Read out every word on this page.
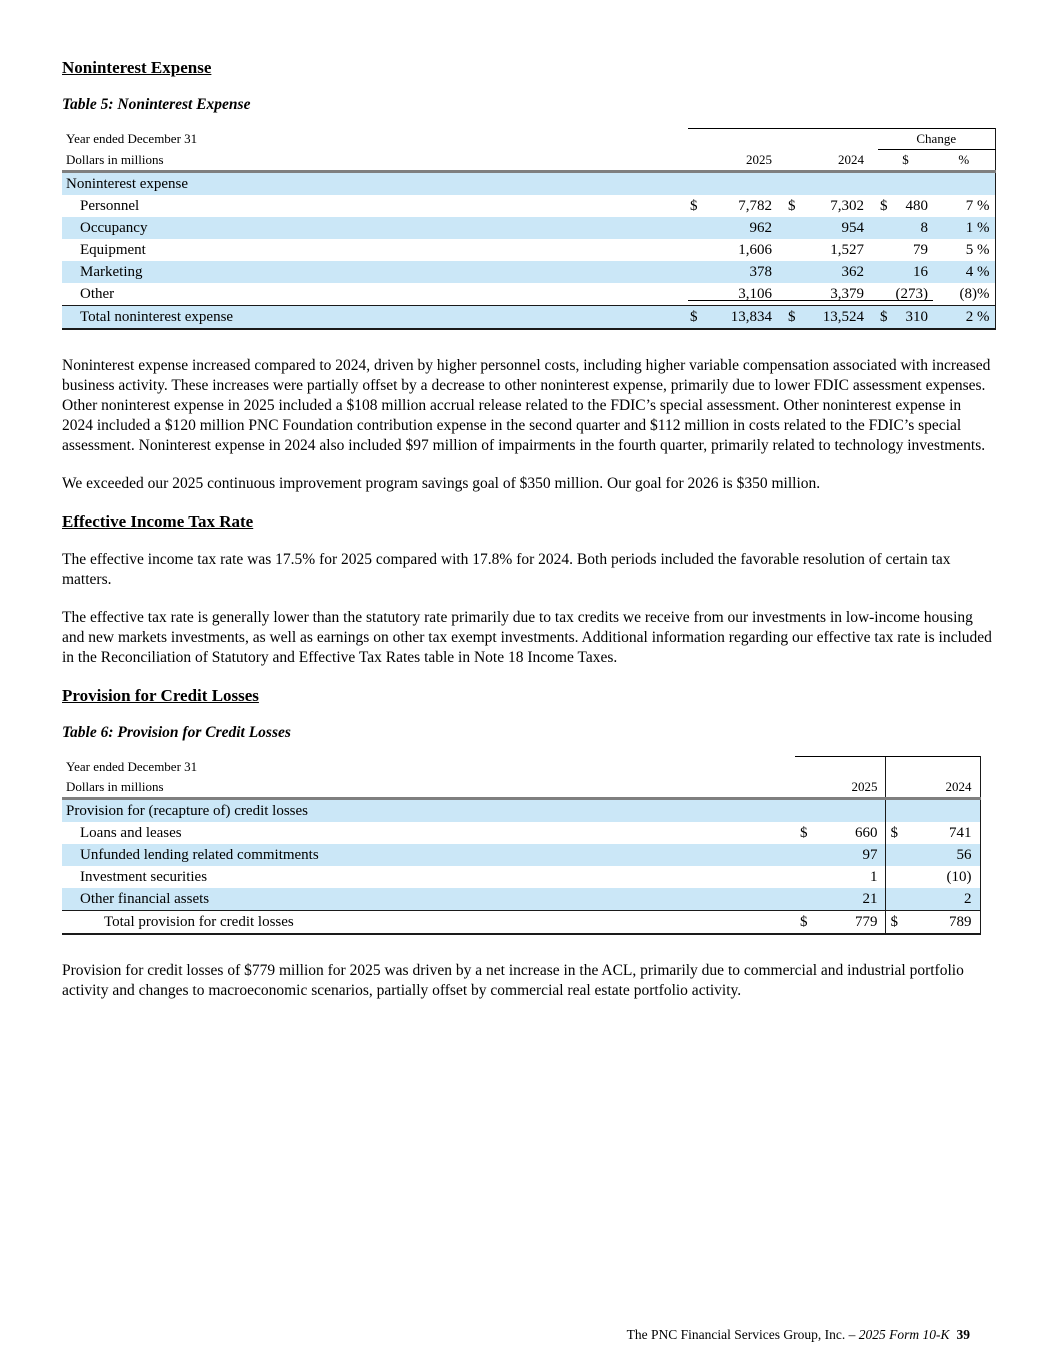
Noninterest Expense
Table 5: Noninterest Expense
Year ended December 31			Change	
Dollars in millions	2025	2024	$	%
Noninterest expense				
Personnel	$ 7,782	$ 7,302	$ 480	7 %
Occupancy	962	954	8	1 %
Equipment	1,606	1,527	79	5 %
Marketing	378	362	16	4 %
Other	3,106	3,379	(273)	(8)%
Total noninterest expense	$ 13,834	$ 13,524	$ 310	2 %

Noninterest expense increased compared to 2024, driven by higher personnel costs, including higher variable compensation associated with increased business activity. These increases were partially offset by a decrease to other noninterest expense, primarily due to lower FDIC assessment expenses. Other noninterest expense in 2025 included a $108 million accrual release related to the FDIC’s special assessment. Other noninterest expense in 2024 included a $120 million PNC Foundation contribution expense in the second quarter and $112 million in costs related to the FDIC’s special assessment. Noninterest expense in 2024 also included $97 million of impairments in the fourth quarter, primarily related to technology investments.

We exceeded our 2025 continuous improvement program savings goal of $350 million. Our goal for 2026 is $350 million.

Effective Income Tax Rate

The effective income tax rate was 17.5% for 2025 compared with 17.8% for 2024. Both periods included the favorable resolution of certain tax matters.

The effective tax rate is generally lower than the statutory rate primarily due to tax credits we receive from our investments in low-income housing and new markets investments, as well as earnings on other tax exempt investments. Additional information regarding our effective tax rate is included in the Reconciliation of Statutory and Effective Tax Rates table in Note 18 Income Taxes.

Provision for Credit Losses
Table 6: Provision for Credit Losses
Year ended December 31		
Dollars in millions	2025	2024
Provision for (recapture of) credit losses		
Loans and leases	$ 660	$ 741

Unfunded lending related commitments	97	56

Investment securities	1	(10)

Other financial assets	21	2

Total provision for credit losses	$ 779	$ 789

Provision for credit losses of $779 million for 2025 was driven by a net increase in the ACL, primarily due to commercial and industrial portfolio activity and changes to macroeconomic scenarios, partially offset by commercial real estate portfolio activity.

The PNC Financial Services Group, Inc. – 2025 Form 10-K 39
